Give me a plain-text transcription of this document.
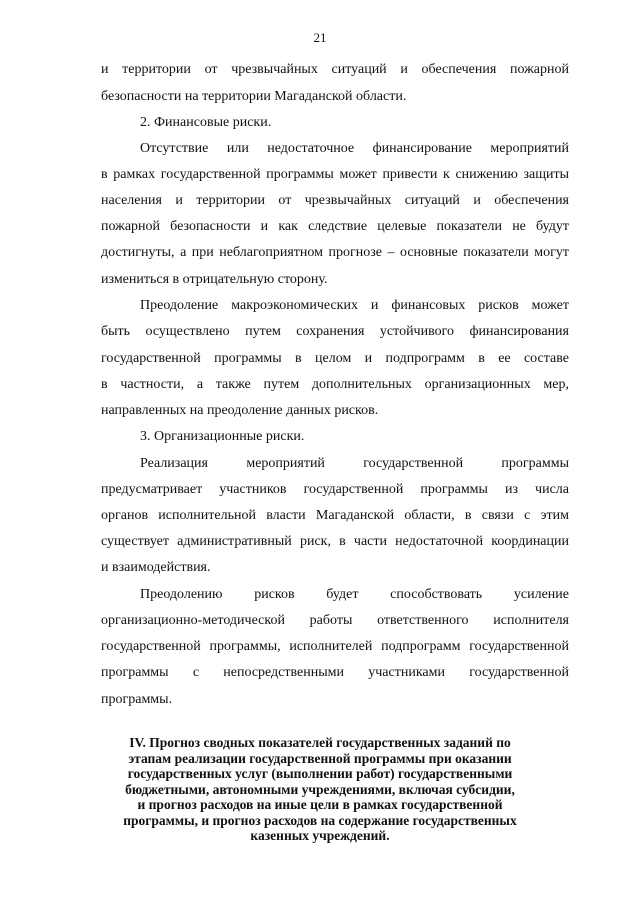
21
и территории от чрезвычайных ситуаций и обеспечения пожарной
безопасности на территории Магаданской области.
2. Финансовые риски.
Отсутствие или недостаточное финансирование мероприятий
в рамках государственной программы может привести к снижению защиты
населения и территории от чрезвычайных ситуаций и обеспечения
пожарной безопасности и как следствие целевые показатели не будут
достигнуты, а при неблагоприятном прогнозе – основные показатели могут
измениться в отрицательную сторону.
Преодоление макроэкономических и финансовых рисков может
быть осуществлено путем сохранения устойчивого финансирования
государственной программы в целом и подпрограмм в ее составе
в частности, а также путем дополнительных организационных мер,
направленных на преодоление данных рисков.
3. Организационные риски.
Реализация мероприятий государственной программы
предусматривает участников государственной программы из числа
органов исполнительной власти Магаданской области, в связи с этим
существует административный риск, в части недостаточной координации
и взаимодействия.
Преодолению рисков будет способствовать усиление
организационно-методической работы ответственного исполнителя
государственной программы, исполнителей подпрограмм государственной
программы с непосредственными участниками государственной
программы.
IV. Прогноз сводных показателей государственных заданий по
этапам реализации государственной программы при оказании
государственных услуг (выполнении работ) государственными
бюджетными, автономными учреждениями, включая субсидии,
и прогноз расходов на иные цели в рамках государственной
программы, и прогноз расходов на содержание государственных
казенных учреждений.
